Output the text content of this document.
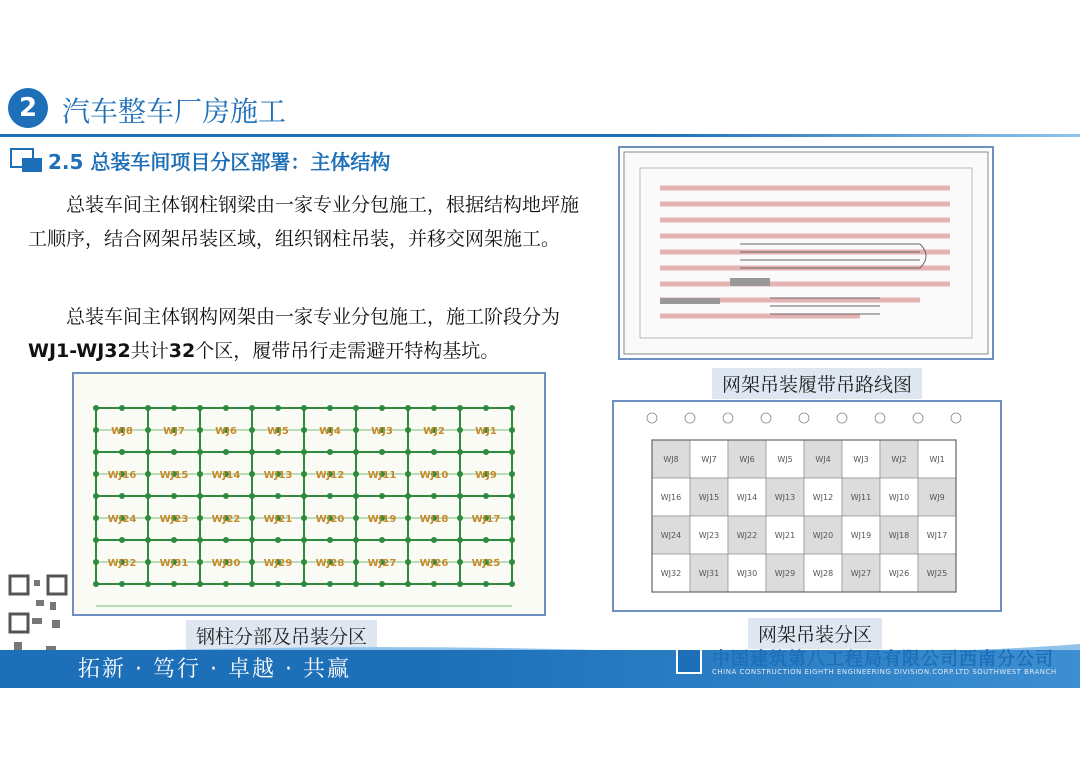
2 汽车整车厂房施工
2.5 总装车间项目分区部署：主体结构
总装车间主体钢柱钢梁由一家专业分包施工，根据结构地坪施工顺序，结合网架吊装区域，组织钢柱吊装，并移交网架施工。
总装车间主体钢构网架由一家专业分包施工，施工阶段分为WJ1-WJ32共计32个区，履带吊行走需避开特构基坑。
网架吊装履带吊路线图
WJ8	WJ7	WJ6	WJ5	WJ4	WJ3	WJ2	WJ1
WJ16 WJ15 WJ14 WJ13 WJ12 WJ11 WJ10	WJ9
WJ24 WJ23 WJ22 WJ21 WJ20 WJ19 WJ18 WJ17
WJ32 WJ31 WJ30 WJ29 WJ28 WJ27 WJ26 WJ25
钢柱分部及吊装分区
WJ8	WJ7	WJ6	WJ5	WJ4	WJ3	WJ2	WJ1
WJ16 WJ15 WJ14 WJ13 WJ12 WJ11 WJ10	WJ9
WJ24 WJ23 WJ22 WJ21 WJ20 WJ19 WJ18 WJ17
WJ32 WJ31 WJ30 WJ29 WJ28 WJ27 WJ26 WJ25
网架吊装分区
拓新 · 笃行 · 卓越 · 共赢	中国建筑第八工程局有限公司西南分公司
CHINA CONSTRUCTION EIGHTH ENGINEERING DIVISION.CORP.LTD SOUTHWEST BRANCH
